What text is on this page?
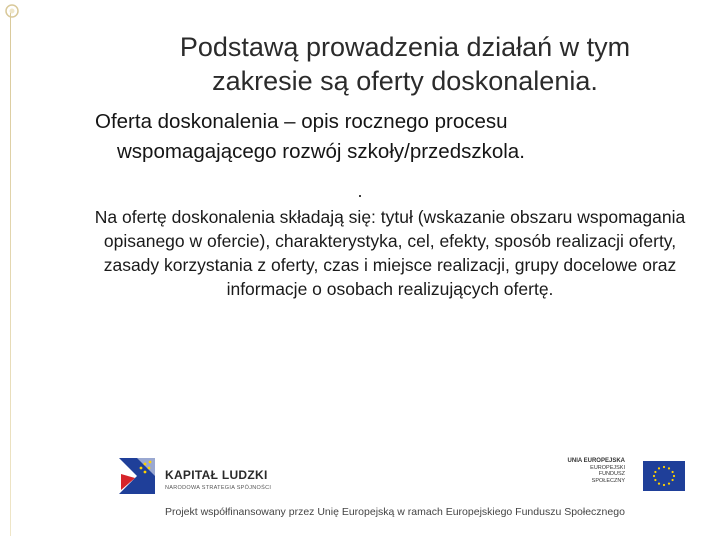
Podstawą prowadzenia działań w tym zakresie są oferty doskonalenia.
Oferta doskonalenia – opis rocznego procesu
wspomagającego rozwój szkoły/przedszkola.
.
Na ofertę doskonalenia składają się: tytuł (wskazanie obszaru wspomagania opisanego w ofercie), charakterystyka, cel, efekty, sposób realizacji oferty, zasady korzystania z oferty, czas i miejsce realizacji, grupy docelowe oraz informacje o osobach realizujących ofertę.
KAPITAŁ LUDZKI
NARODOWA STRATEGIA SPÓJNOŚCI
UNIA EUROPEJSKA
EUROPEJSKI
FUNDUSZ SPOŁECZNY
Projekt współfinansowany przez Unię Europejską w ramach Europejskiego Funduszu Społecznego
